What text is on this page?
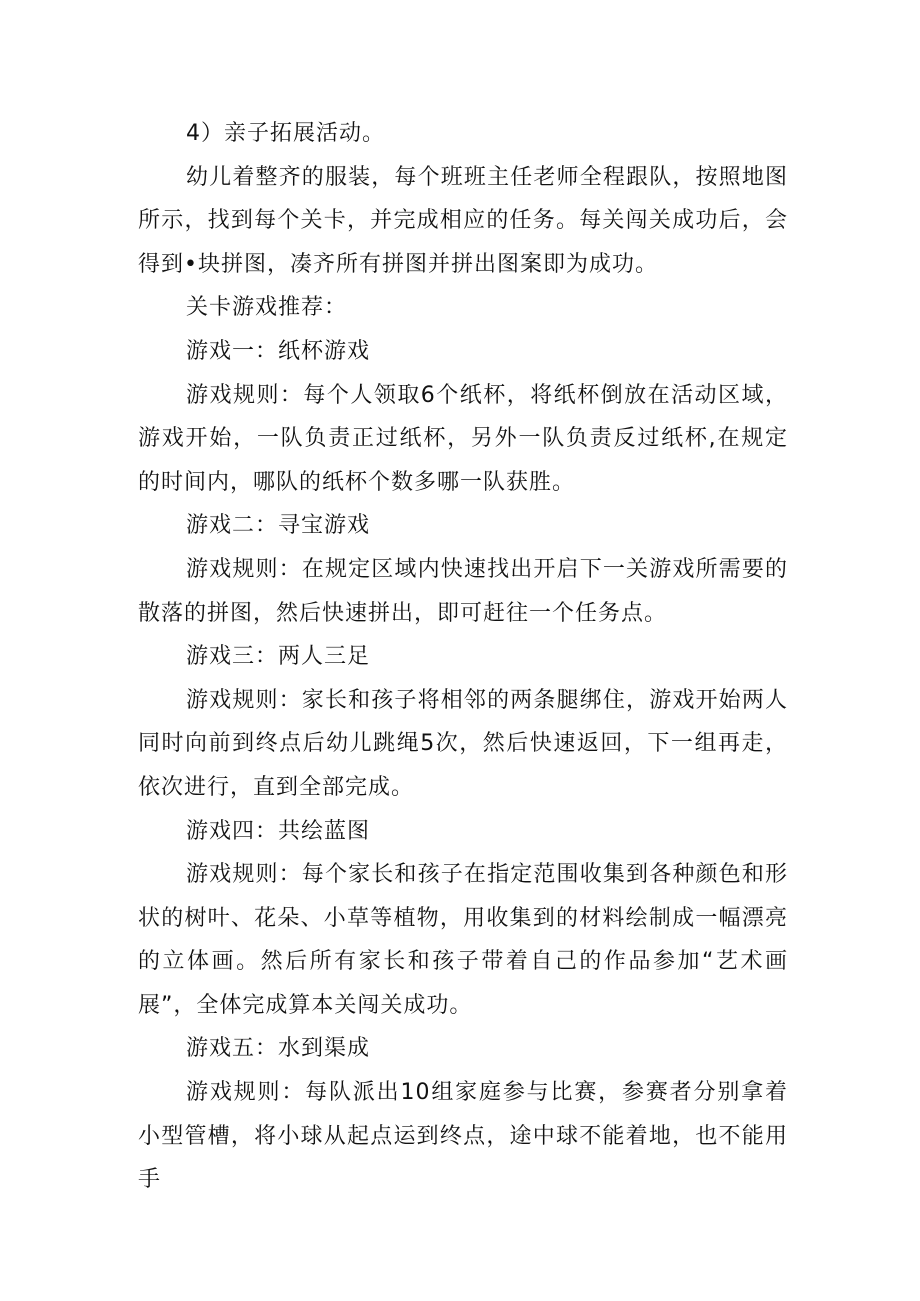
4）亲子拓展活动。

幼儿着整齐的服装，每个班班主任老师全程跟队，按照地图所示，找到每个关卡，并完成相应的任务。每关闯关成功后，会得到•块拼图，凑齐所有拼图并拼出图案即为成功。

关卡游戏推荐：

游戏一：纸杯游戏

游戏规则：每个人领取6个纸杯，将纸杯倒放在活动区域，游戏开始，一队负责正过纸杯，另外一队负责反过纸杯,在规定的时间内，哪队的纸杯个数多哪一队获胜。

游戏二：寻宝游戏

游戏规则：在规定区域内快速找出开启下一关游戏所需要的散落的拼图，然后快速拼出，即可赶往一个任务点。

游戏三：两人三足

游戏规则：家长和孩子将相邻的两条腿绑住，游戏开始两人同时向前到终点后幼儿跳绳5次，然后快速返回，下一组再走，依次进行，直到全部完成。

游戏四：共绘蓝图

游戏规则：每个家长和孩子在指定范围收集到各种颜色和形状的树叶、花朵、小草等植物，用收集到的材料绘制成一幅漂亮的立体画。然后所有家长和孩子带着自己的作品参加“艺术画展”，全体完成算本关闯关成功。

游戏五：水到渠成

游戏规则：每队派出10组家庭参与比赛，参赛者分别拿着小型管槽，将小球从起点运到终点，途中球不能着地，也不能用手
